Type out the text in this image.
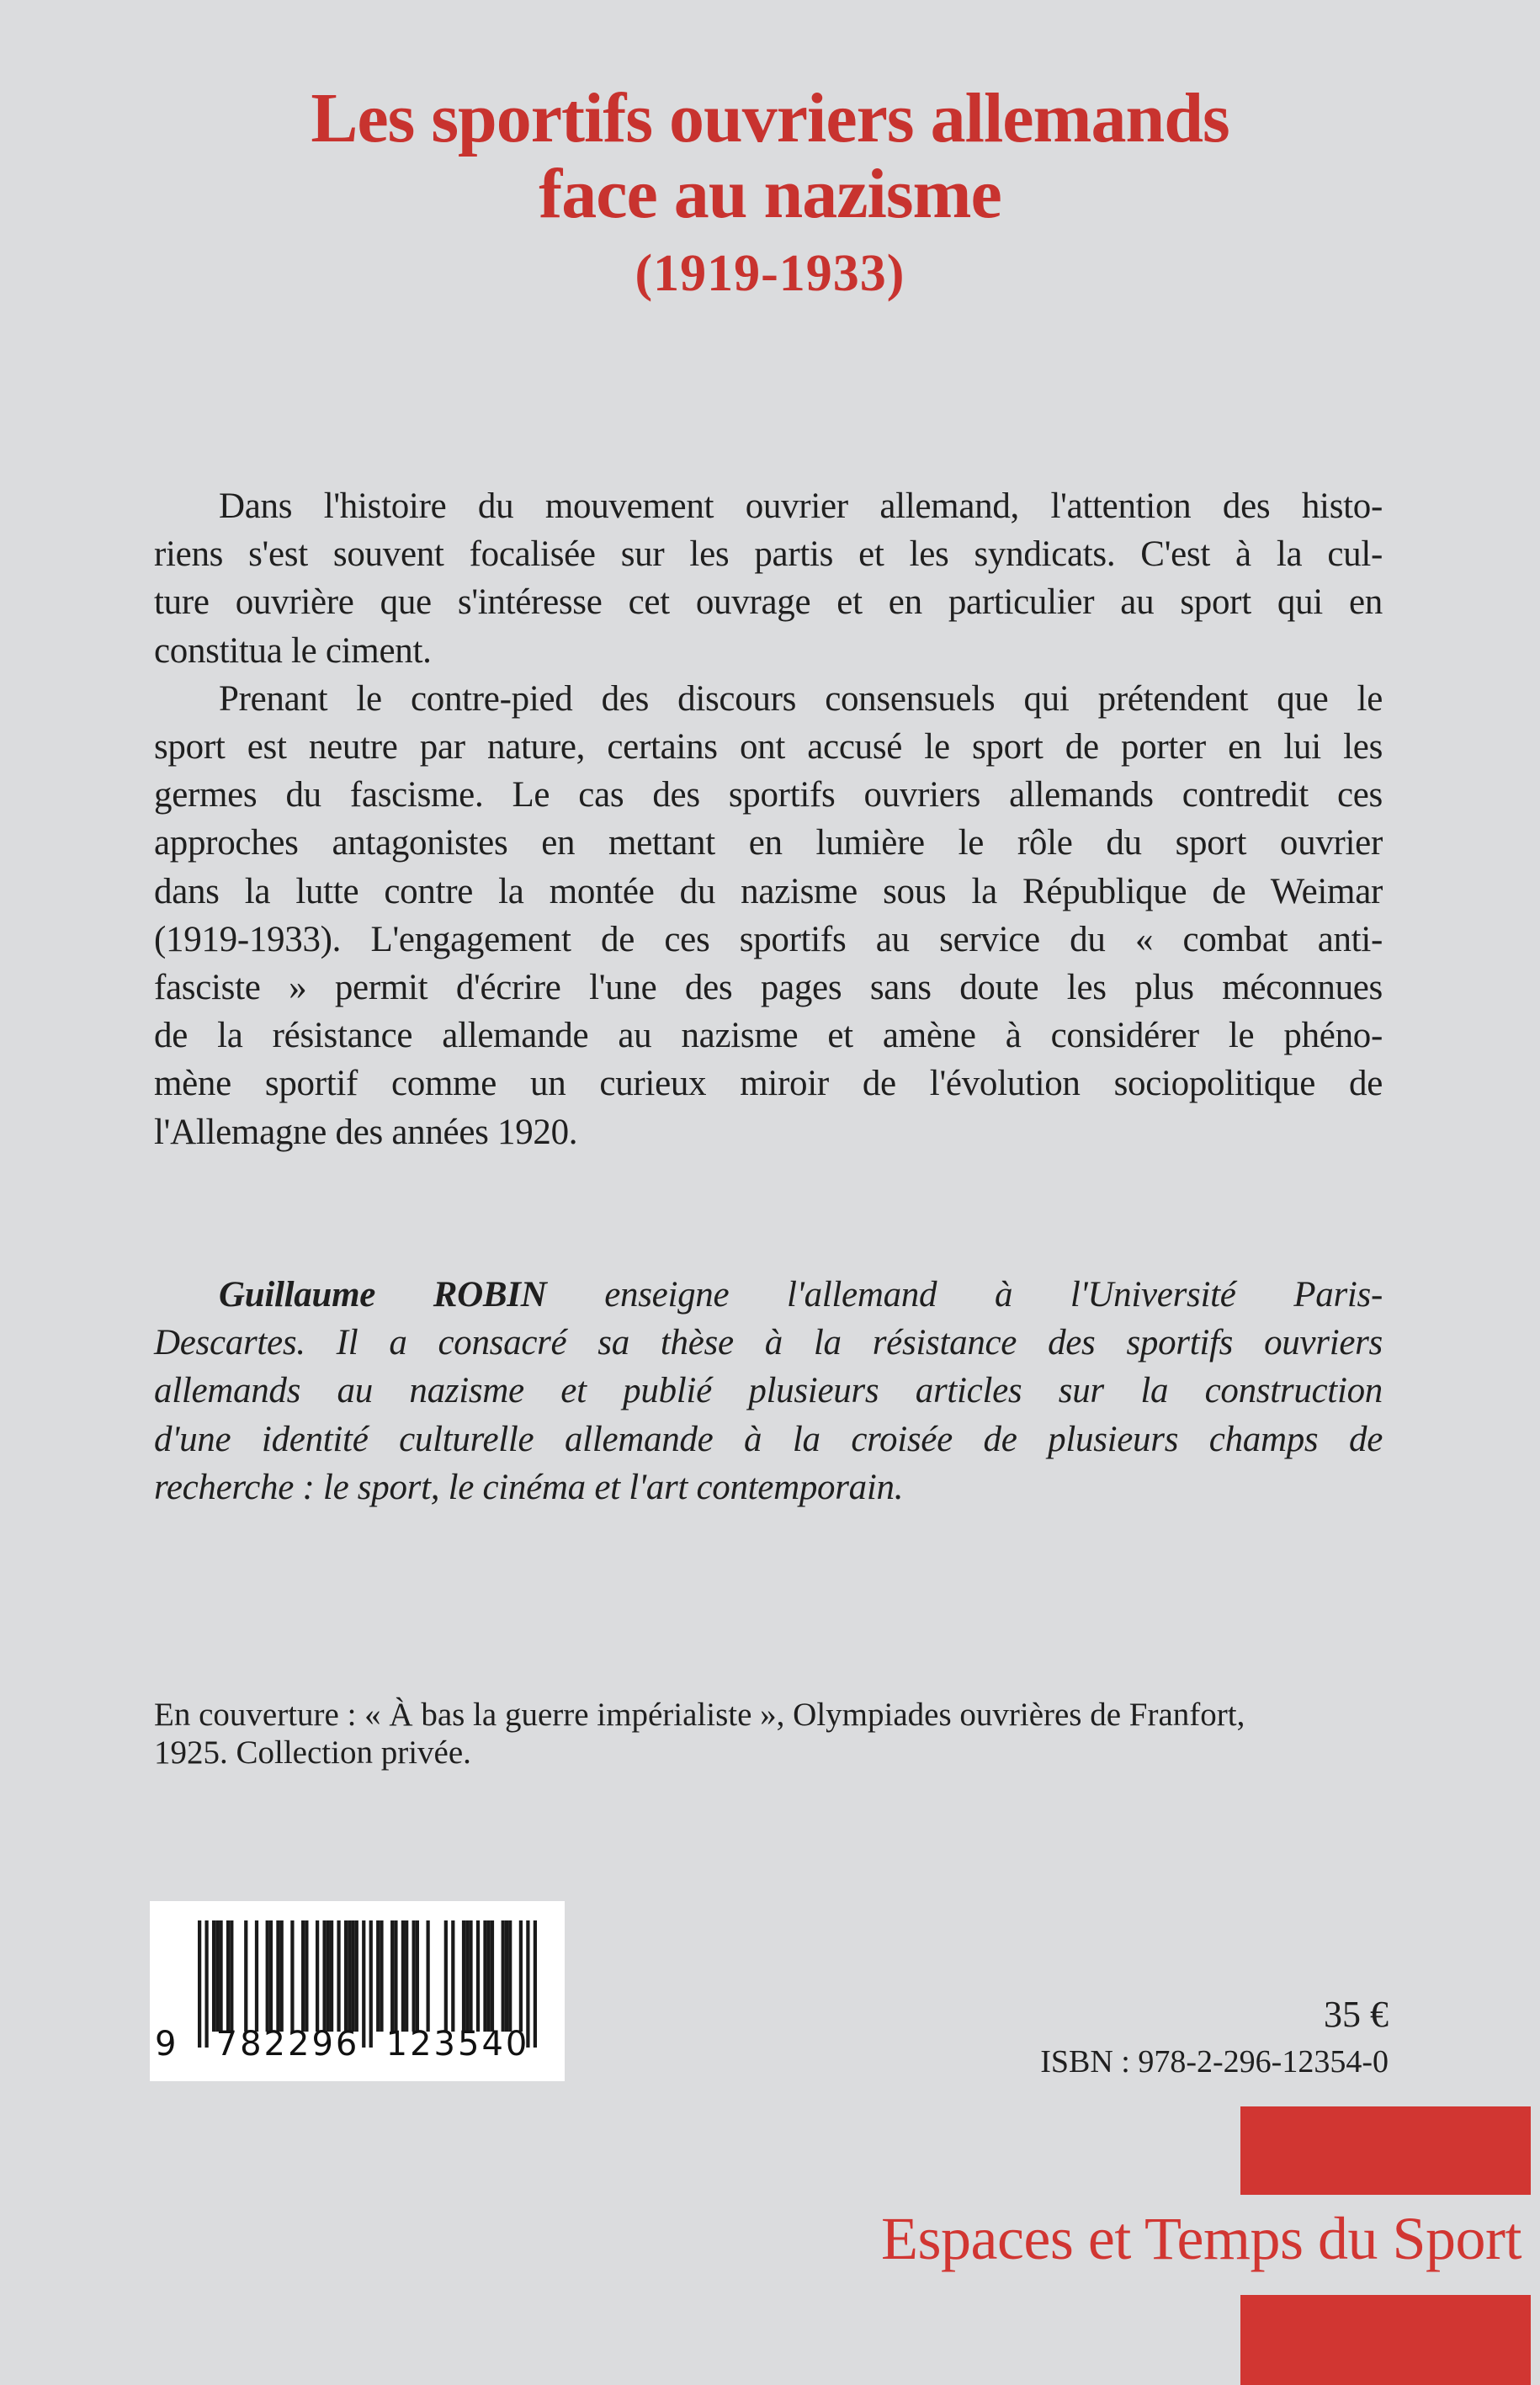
Les sportifs ouvriers allemands
face au nazisme
(1919-1933)
Dans l'histoire du mouvement ouvrier allemand, l'attention des histo-
riens s'est souvent focalisée sur les partis et les syndicats. C'est à la cul-
ture ouvrière que s'intéresse cet ouvrage et en particulier au sport qui en
constitua le ciment.
Prenant le contre-pied des discours consensuels qui prétendent que le
sport est neutre par nature, certains ont accusé le sport de porter en lui les
germes du fascisme. Le cas des sportifs ouvriers allemands contredit ces
approches antagonistes en mettant en lumière le rôle du sport ouvrier
dans la lutte contre la montée du nazisme sous la République de Weimar
(1919-1933). L'engagement de ces sportifs au service du « combat anti-
fasciste » permit d'écrire l'une des pages sans doute les plus méconnues
de la résistance allemande au nazisme et amène à considérer le phéno-
mène sportif comme un curieux miroir de l'évolution sociopolitique de
l'Allemagne des années 1920.
Guillaume ROBIN enseigne l'allemand à l'Université Paris-
Descartes. Il a consacré sa thèse à la résistance des sportifs ouvriers
allemands au nazisme et publié plusieurs articles sur la construction
d'une identité culturelle allemande à la croisée de plusieurs champs de
recherche : le sport, le cinéma et l'art contemporain.
En couverture : « À bas la guerre impérialiste », Olympiades ouvrières de Franfort,
1925. Collection privée.
9 782296 123540
35 €
ISBN : 978-2-296-12354-0
Espaces et Temps du Sport
